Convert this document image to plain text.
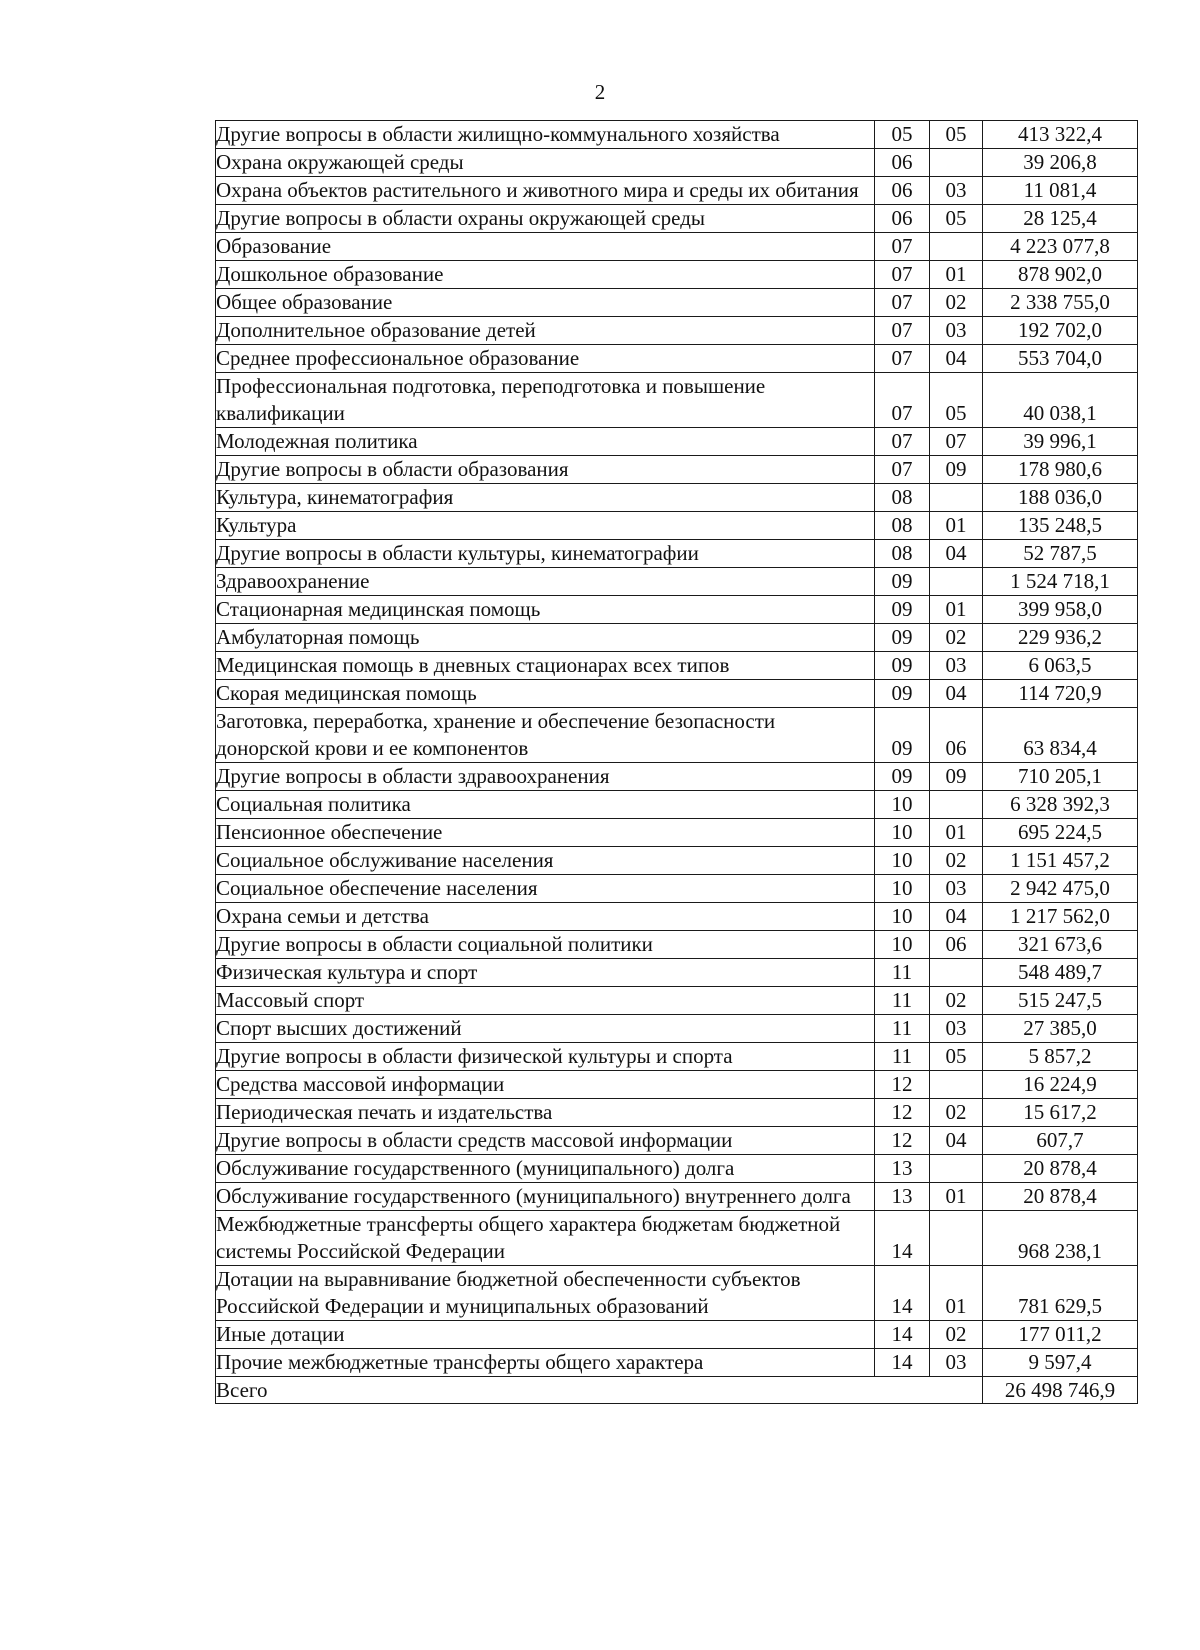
2
Другие вопросы в области жилищно-коммунального хозяйства	05	05	413 322,4
Охрана окружающей среды	06		39 206,8
Охрана объектов растительного и животного мира и среды их обитания	06	03	11 081,4
Другие вопросы в области охраны окружающей среды	06	05	28 125,4
Образование	07		4 223 077,8
Дошкольное образование	07	01	878 902,0
Общее образование	07	02	2 338 755,0
Дополнительное образование детей	07	03	192 702,0
Среднее профессиональное образование	07	04	553 704,0
Профессиональная подготовка, переподготовка и повышение квалификации	07	05	40 038,1
Молодежная политика	07	07	39 996,1
Другие вопросы в области образования	07	09	178 980,6
Культура, кинематография	08		188 036,0
Культура	08	01	135 248,5
Другие вопросы в области культуры, кинематографии	08	04	52 787,5
Здравоохранение	09		1 524 718,1
Стационарная медицинская помощь	09	01	399 958,0
Амбулаторная помощь	09	02	229 936,2
Медицинская помощь в дневных стационарах всех типов	09	03	6 063,5
Скорая медицинская помощь	09	04	114 720,9
Заготовка, переработка, хранение и обеспечение безопасности донорской крови и ее компонентов	09	06	63 834,4
Другие вопросы в области здравоохранения	09	09	710 205,1
Социальная политика	10		6 328 392,3
Пенсионное обеспечение	10	01	695 224,5
Социальное обслуживание населения	10	02	1 151 457,2
Социальное обеспечение населения	10	03	2 942 475,0
Охрана семьи и детства	10	04	1 217 562,0
Другие вопросы в области социальной политики	10	06	321 673,6
Физическая культура и спорт	11		548 489,7
Массовый спорт	11	02	515 247,5
Спорт высших достижений	11	03	27 385,0
Другие вопросы в области физической культуры и спорта	11	05	5 857,2
Средства массовой информации	12		16 224,9
Периодическая печать и издательства	12	02	15 617,2
Другие вопросы в области средств массовой информации	12	04	607,7
Обслуживание государственного (муниципального) долга	13		20 878,4
Обслуживание государственного (муниципального) внутреннего долга	13	01	20 878,4
Межбюджетные трансферты общего характера бюджетам бюджетной системы Российской Федерации	14		968 238,1
Дотации на выравнивание бюджетной обеспеченности субъектов Российской Федерации и муниципальных образований	14	01	781 629,5
Иные дотации	14	02	177 011,2
Прочие межбюджетные трансферты общего характера	14	03	9 597,4
Всего			26 498 746,9
